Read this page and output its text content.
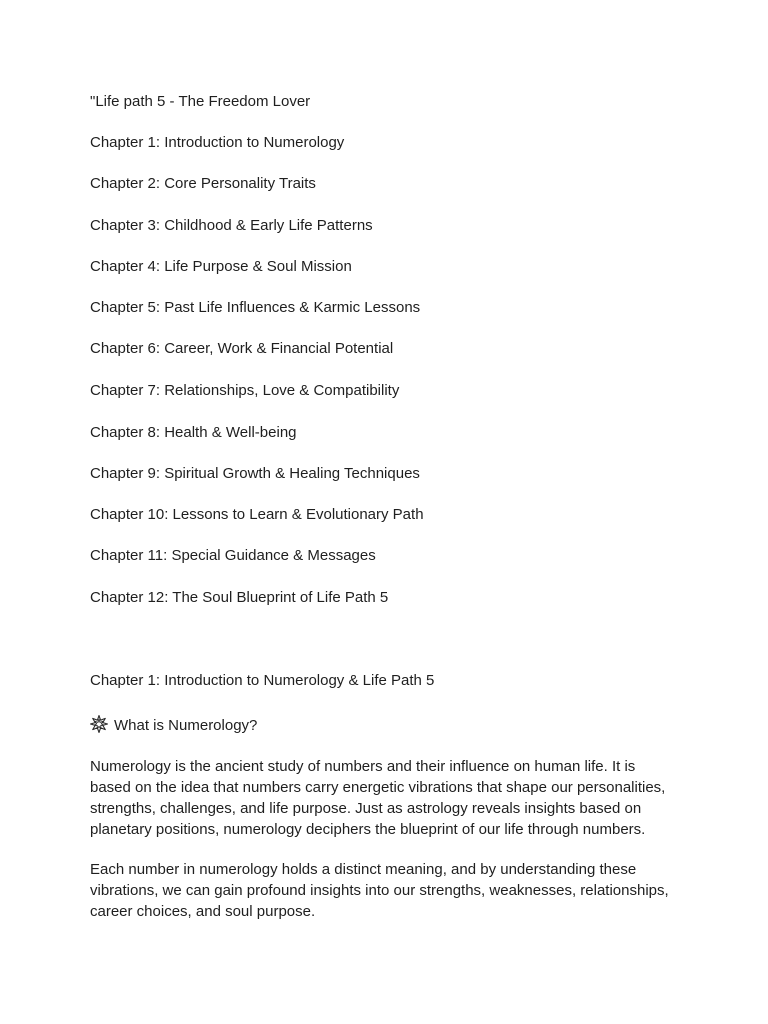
"Life path 5 - The Freedom Lover
Chapter 1: Introduction to Numerology
Chapter 2: Core Personality Traits
Chapter 3: Childhood & Early Life Patterns
Chapter 4: Life Purpose & Soul Mission
Chapter 5: Past Life Influences & Karmic Lessons
Chapter 6: Career, Work & Financial Potential
Chapter 7: Relationships, Love & Compatibility
Chapter 8: Health & Well-being
Chapter 9: Spiritual Growth & Healing Techniques
Chapter 10: Lessons to Learn & Evolutionary Path
Chapter 11: Special Guidance & Messages
Chapter 12: The Soul Blueprint of Life Path 5
Chapter 1: Introduction to Numerology & Life Path 5
What is Numerology?
Numerology is the ancient study of numbers and their influence on human life. It is based on the idea that numbers carry energetic vibrations that shape our personalities, strengths, challenges, and life purpose. Just as astrology reveals insights based on planetary positions, numerology deciphers the blueprint of our life through numbers.
Each number in numerology holds a distinct meaning, and by understanding these vibrations, we can gain profound insights into our strengths, weaknesses, relationships, career choices, and soul purpose.
